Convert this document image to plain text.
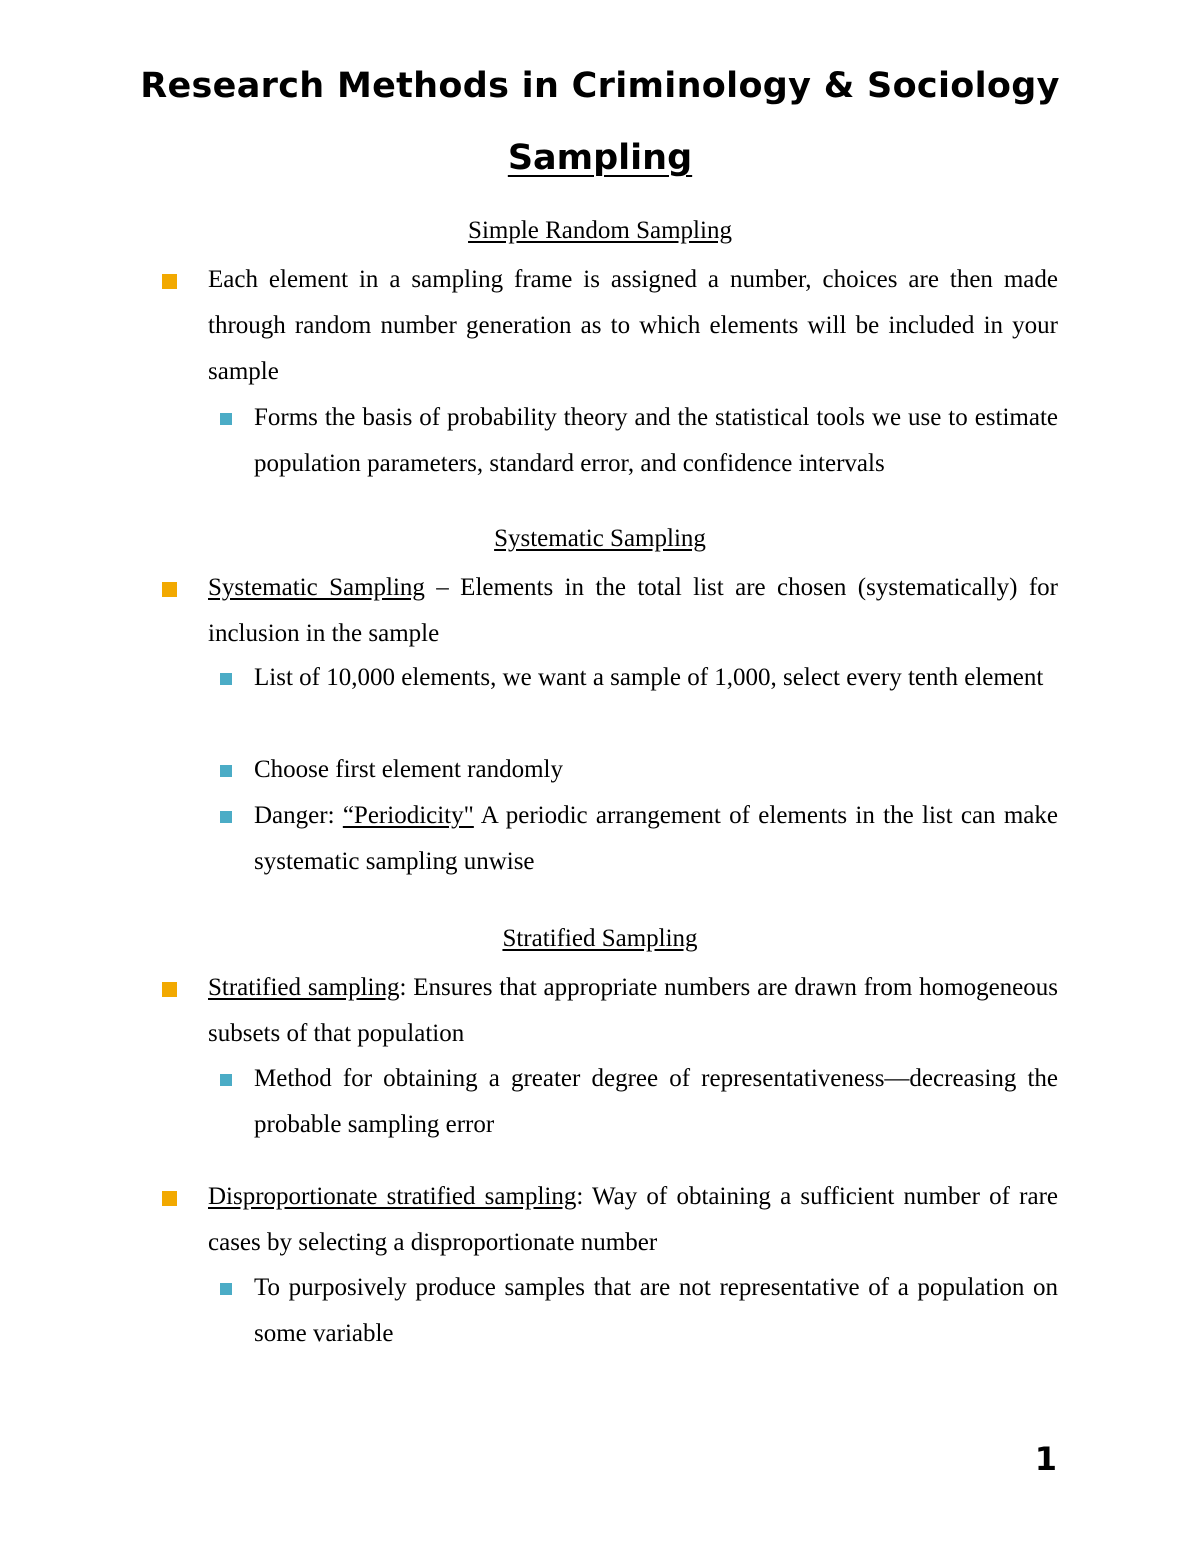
Research Methods in Criminology & Sociology
Sampling
Simple Random Sampling
Each element in a sampling frame is assigned a number, choices are then made through random number generation as to which elements will be included in your sample
Forms the basis of probability theory and the statistical tools we use to estimate population parameters, standard error, and confidence intervals
Systematic Sampling
Systematic Sampling – Elements in the total list are chosen (systematically) for inclusion in the sample
List of 10,000 elements, we want a sample of 1,000, select every tenth element
Choose first element randomly
Danger: “Periodicity" A periodic arrangement of elements in the list can make systematic sampling unwise
Stratified Sampling
Stratified sampling: Ensures that appropriate numbers are drawn from homogeneous subsets of that population
Method for obtaining a greater degree of representativeness—decreasing the probable sampling error
Disproportionate stratified sampling: Way of obtaining a sufficient number of rare cases by selecting a disproportionate number
To purposively produce samples that are not representative of a population on some variable
1
